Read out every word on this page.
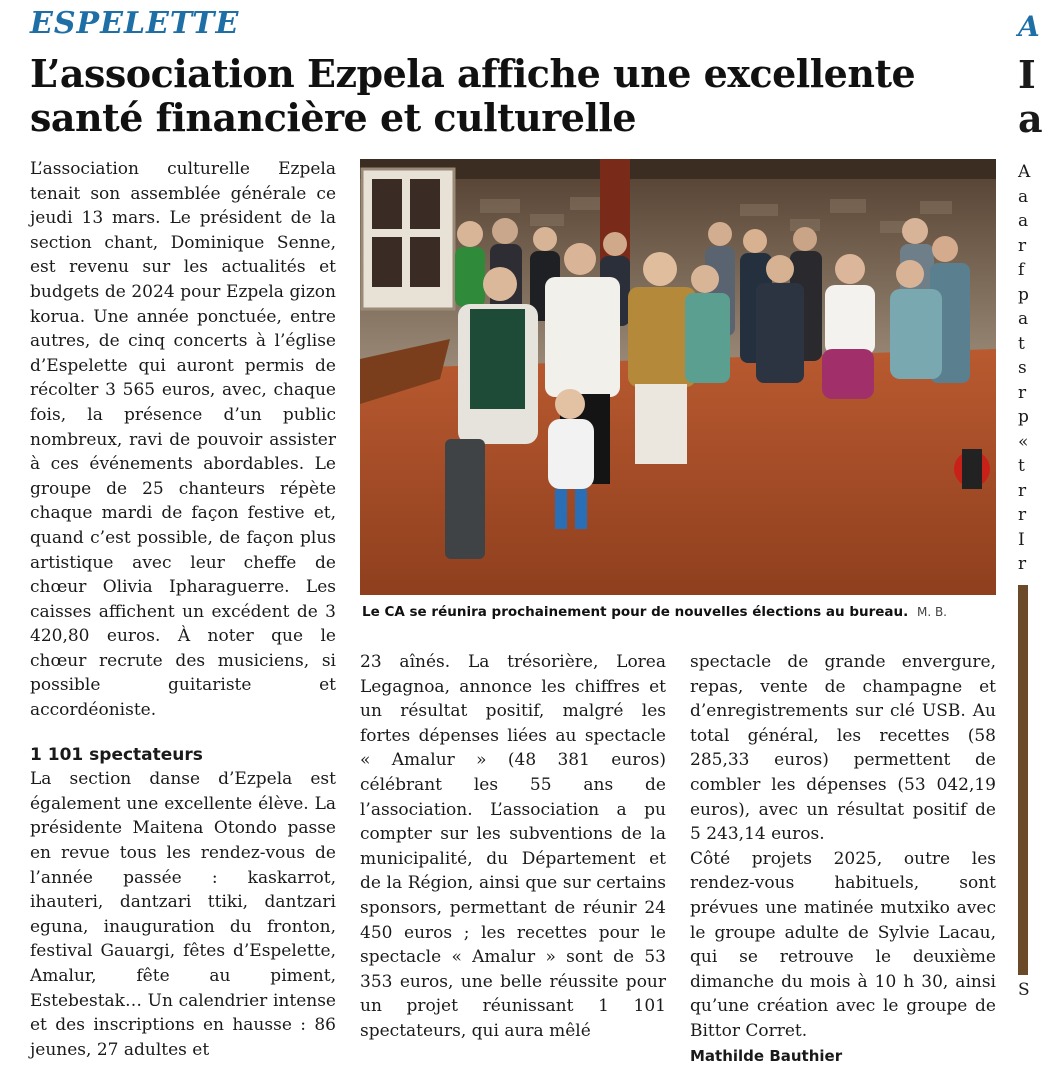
ESPELETTE
L’association Ezpela affiche une excellente santé financière et culturelle

L’association culturelle Ezpela tenait son assemblée générale ce jeudi 13 mars. Le président de la section chant, Dominique Senne, est revenu sur les actualités et budgets de 2024 pour Ezpela gizon korua. Une année ponctuée, entre autres, de cinq concerts à l’église d’Espelette qui auront permis de récolter 3 565 euros, avec, chaque fois, la présence d’un public nombreux, ravi de pouvoir assister à ces événements abordables. Le groupe de 25 chanteurs répète chaque mardi de façon festive et, quand c’est possible, de façon plus artistique avec leur cheffe de chœur Olivia Ipharaguerre. Les caisses affichent un excédent de 3 420,80 euros. À noter que le chœur recrute des musiciens, si possible guitariste et accordéoniste.

1 101 spectateurs

La section danse d’Ezpela est également une excellente élève. La présidente Maitena Otondo passe en revue tous les rendez-vous de l’année passée : kaskarrot, ihauteri, dantzari ttiki, dantzari eguna, inauguration du fronton, festival Gauargi, fêtes d’Espelette, Amalur, fête au piment, Estebestak… Un calendrier intense et des inscriptions en hausse : 86 jeunes, 27 adultes et

Le CA se réunira prochainement pour de nouvelles élections au bureau. M. B.

23 aînés. La trésorière, Lorea Legagnoa, annonce les chiffres et un résultat positif, malgré les fortes dépenses liées au spectacle « Amalur » (48 381 euros) célébrant les 55 ans de l’association. L’association a pu compter sur les subventions de la municipalité, du Département et de la Région, ainsi que sur certains sponsors, permettant de réunir 24 450 euros ; les recettes pour le spectacle « Amalur » sont de 53 353 euros, une belle réussite pour un projet réunissant 1 101 spectateurs, qui aura mêlé

spectacle de grande envergure, repas, vente de champagne et d’enregistrements sur clé USB. Au total général, les recettes (58 285,33 euros) permettent de combler les dépenses (53 042,19 euros), avec un résultat positif de 5 243,14 euros.

Côté projets 2025, outre les rendez-vous habituels, sont prévues une matinée mutxiko avec le groupe adulte de Sylvie Lacau, qui se retrouve le deuxième dimanche du mois à 10 h 30, ainsi qu’une création avec le groupe de Bittor Corret.

Mathilde Bauthier
A
I
a
A
a
a
r
f
p
a
t
s
r
p
«
t
r
r
I
r
S
